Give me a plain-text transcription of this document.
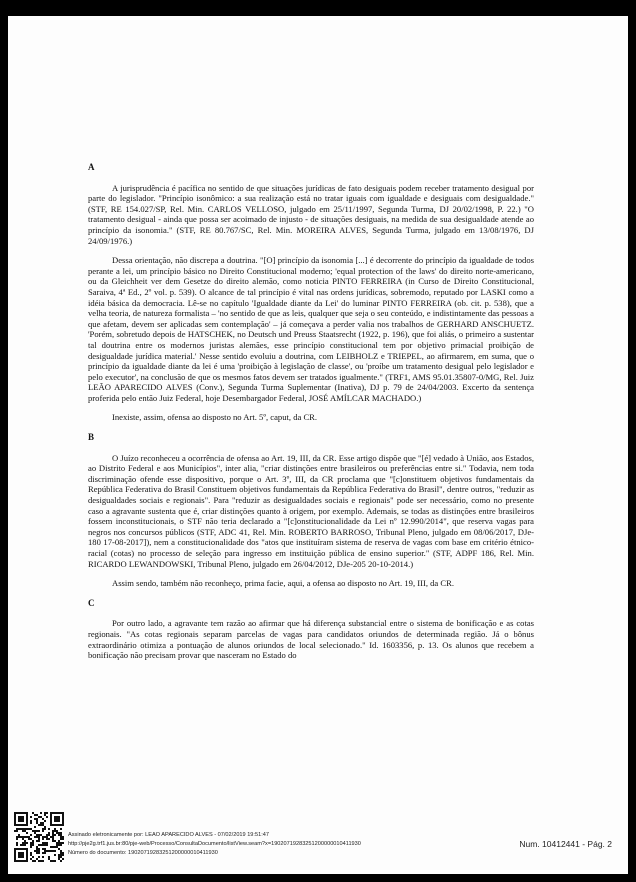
A

A jurisprudência é pacífica no sentido de que situações jurídicas de fato desiguais podem receber tratamento desigual por parte do legislador. "Princípio isonômico: a sua realização está no tratar iguais com igualdade e desiguais com desigualdade." (STF, RE 154.027/SP, Rel. Min. CARLOS VELLOSO, julgado em 25/11/1997, Segunda Turma, DJ 20/02/1998, P. 22.) "O tratamento desigual - ainda que possa ser acoimado de injusto - de situações desiguais, na medida de sua desigualdade atende ao princípio da isonomia." (STF, RE 80.767/SC, Rel. Min. MOREIRA ALVES, Segunda Turma, julgado em 13/08/1976, DJ 24/09/1976.)

Dessa orientação, não discrepa a doutrina. "[O] princípio da isonomia [...] é decorrente do princípio da igualdade de todos perante a lei, um princípio básico no Direito Constitucional moderno; 'equal protection of the laws' do direito norte-americano, ou da Gleichheit ver dem Gesetze do direito alemão, como noticia PINTO FERREIRA (in Curso de Direito Constitucional, Saraiva, 4ª Ed., 2º vol. p. 539). O alcance de tal princípio é vital nas ordens jurídicas, sobremodo, reputado por LASKI como a idéia básica da democracia. Lê-se no capítulo 'Igualdade diante da Lei' do luminar PINTO FERREIRA (ob. cit. p. 538), que a velha teoria, de natureza formalista – 'no sentido de que as leis, qualquer que seja o seu conteúdo, e indistintamente das pessoas a que afetam, devem ser aplicadas sem contemplação' – já começava a perder valia nos trabalhos de GERHARD ANSCHUETZ. 'Porém, sobretudo depois de HATSCHEK, no Deutsch und Preuss Staatsrecht (1922, p. 196), que foi aliás, o primeiro a sustentar tal doutrina entre os modernos juristas alemães, esse princípio constitucional tem por objetivo primacial proibição de desigualdade jurídica material.' Nesse sentido evoluiu a doutrina, com LEIBHOLZ e TRIEPEL, ao afirmarem, em suma, que o princípio da igualdade diante da lei é uma 'proibição à legislação de classe', ou 'proíbe um tratamento desigual pelo legislador e pelo executor', na conclusão de que os mesmos fatos devem ser tratados igualmente." (TRF1, AMS 95.01.35807-0/MG, Rel. Juiz LEÃO APARECIDO ALVES (Conv.), Segunda Turma Suplementar (Inativa), DJ p. 79 de 24/04/2003. Excerto da sentença proferida pelo então Juiz Federal, hoje Desembargador Federal, JOSÉ AMÍLCAR MACHADO.)

Inexiste, assim, ofensa ao disposto no Art. 5º, caput, da CR.

B

O Juízo reconheceu a ocorrência de ofensa ao Art. 19, III, da CR. Esse artigo dispõe que "[é] vedado à União, aos Estados, ao Distrito Federal e aos Municípios", inter alia, "criar distinções entre brasileiros ou preferências entre si." Todavia, nem toda discriminação ofende esse dispositivo, porque o Art. 3º, III, da CR proclama que "[c]onstituem objetivos fundamentais da República Federativa do Brasil Constituem objetivos fundamentais da República Federativa do Brasil", dentre outros, "reduzir as desigualdades sociais e regionais". Para "reduzir as desigualdades sociais e regionais" pode ser necessário, como no presente caso a agravante sustenta que é, criar distinções quanto à origem, por exemplo. Ademais, se todas as distinções entre brasileiros fossem inconstitucionais, o STF não teria declarado a "[c]onstitucionalidade da Lei nº 12.990/2014", que reserva vagas para negros nos concursos públicos (STF, ADC 41, Rel. Min. ROBERTO BARROSO, Tribunal Pleno, julgado em 08/06/2017, DJe-180 17-08-2017]), nem a constitucionalidade dos "atos que instituíram sistema de reserva de vagas com base em critério étnico-racial (cotas) no processo de seleção para ingresso em instituição pública de ensino superior." (STF, ADPF 186, Rel. Min. RICARDO LEWANDOWSKI, Tribunal Pleno, julgado em 26/04/2012, DJe-205 20-10-2014.)

Assim sendo, também não reconheço, prima facie, aqui, a ofensa ao disposto no Art. 19, III, da CR.

C

Por outro lado, a agravante tem razão ao afirmar que há diferença substancial entre o sistema de bonificação e as cotas regionais. "As cotas regionais separam parcelas de vagas para candidatos oriundos de determinada região. Já o bônus extraordinário otimiza a pontuação de alunos oriundos de local selecionado." Id. 1603356, p. 13. Os alunos que recebem a bonificação não precisam provar que nasceram no Estado do

Assinado eletronicamente por: LEAO APARECIDO ALVES - 07/02/2019 19:51:47
http://pje2g.trf1.jus.br:80/pje-web/Processo/ConsultaDocumento/listView.seam?x=19020719283251200000010411930
Número do documento: 19020719283251200000010411930
Num. 10412441 - Pág. 2
